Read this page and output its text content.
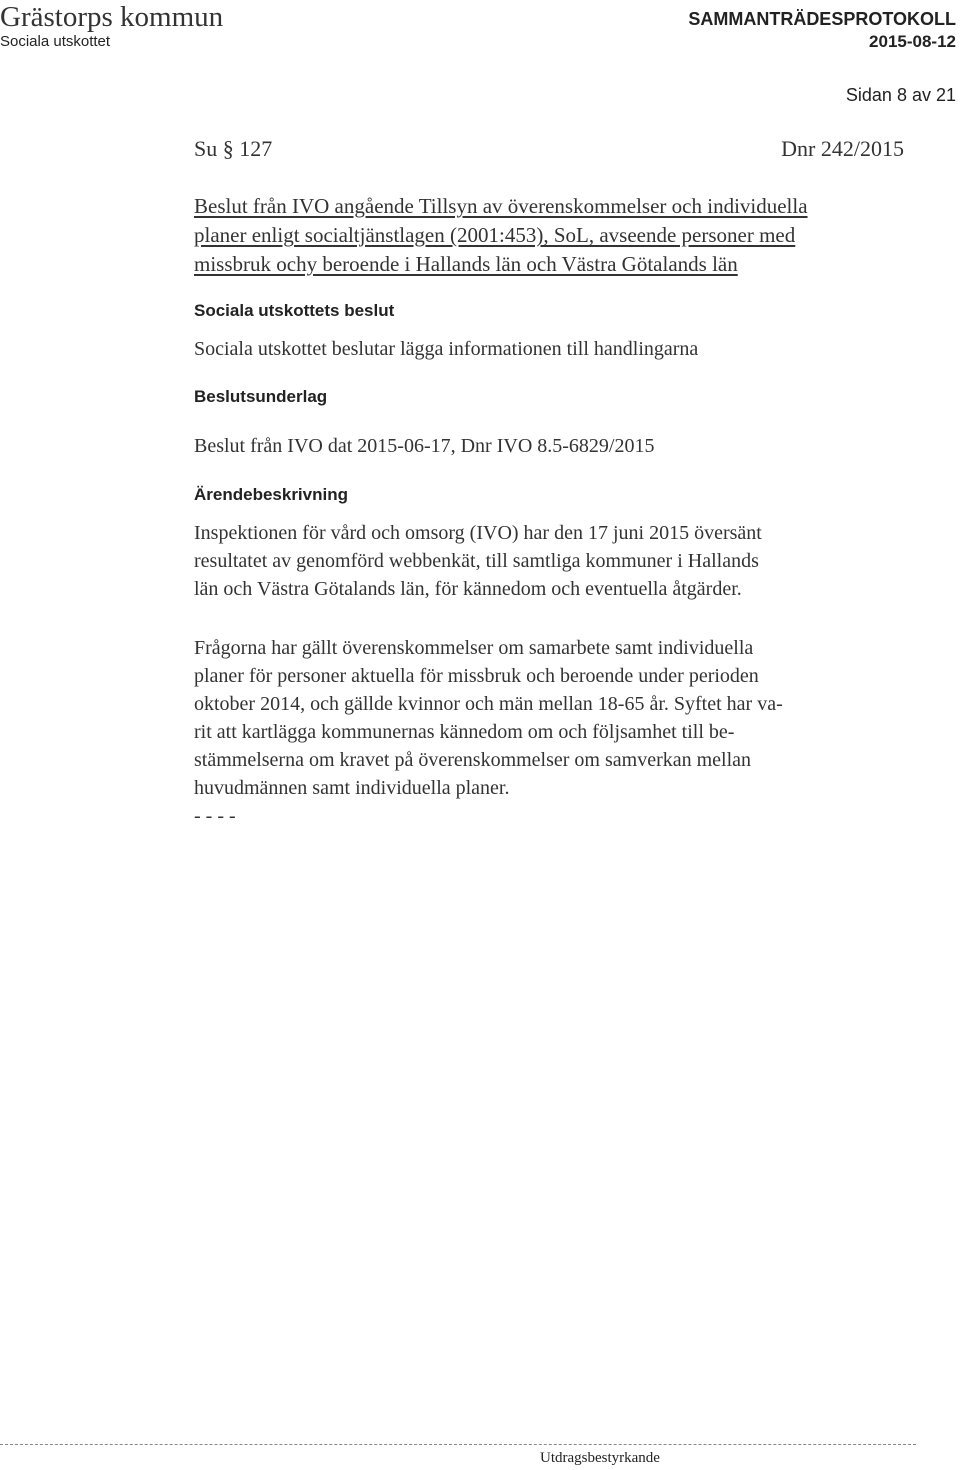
Grästorps kommun
Sociala utskottet
SAMMANTRÄDESPROTOKOLL
2015-08-12
Sidan 8 av 21
Su § 127	Dnr 242/2015
Beslut från IVO angående Tillsyn av överenskommelser och individuella
planer enligt socialtjänstlagen (2001:453), SoL, avseende personer med
missbruk ochy beroende i Hallands län och Västra Götalands län
Sociala utskottets beslut
Sociala utskottet beslutar lägga informationen till handlingarna
Beslutsunderlag
Beslut från IVO dat 2015-06-17, Dnr IVO 8.5-6829/2015
Ärendebeskrivning
Inspektionen för vård och omsorg (IVO) har den 17 juni 2015 översänt
resultatet av genomförd webbenkät, till samtliga kommuner i Hallands
län och Västra Götalands län, för kännedom och eventuella åtgärder.
Frågorna har gällt överenskommelser om samarbete samt individuella
planer för personer aktuella för missbruk och beroende under perioden
oktober 2014, och gällde kvinnor och män mellan 18-65 år. Syftet har va-
rit att kartlägga kommunernas kännedom om och följsamhet till be-
stämmelserna om kravet på överenskommelser om samverkan mellan
huvudmännen samt individuella planer.
- - - -
Utdragsbestyrkande
